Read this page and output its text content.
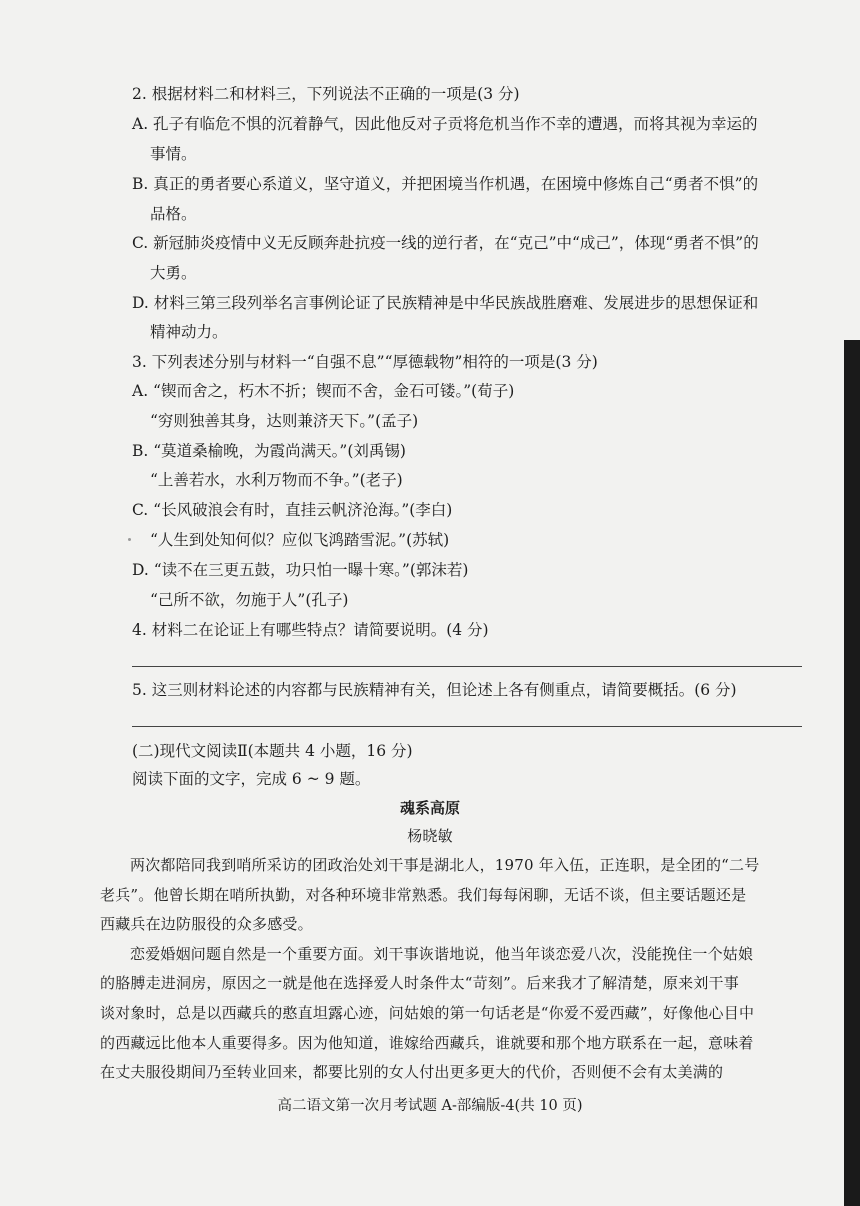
2. 根据材料二和材料三，下列说法不正确的一项是(3 分)
A. 孔子有临危不惧的沉着静气，因此他反对子贡将危机当作不幸的遭遇，而将其视为幸运的
事情。
B. 真正的勇者要心系道义，坚守道义，并把困境当作机遇，在困境中修炼自己“勇者不惧”的
品格。
C. 新冠肺炎疫情中义无反顾奔赴抗疫一线的逆行者，在“克己”中“成己”，体现“勇者不惧”的
大勇。
D. 材料三第三段列举名言事例论证了民族精神是中华民族战胜磨难、发展进步的思想保证和
精神动力。
3. 下列表述分别与材料一“自强不息”“厚德载物”相符的一项是(3 分)
A. “锲而舍之，朽木不折；锲而不舍，金石可镂。”(荀子)
“穷则独善其身，达则兼济天下。”(孟子)
B. “莫道桑榆晚，为霞尚满天。”(刘禹锡)
“上善若水，水利万物而不争。”(老子)
C. “长风破浪会有时，直挂云帆济沧海。”(李白)
“人生到处知何似？应似飞鸿踏雪泥。”(苏轼)
D. “读不在三更五鼓，功只怕一曝十寒。”(郭沫若)
“己所不欲，勿施于人”(孔子)
4. 材料二在论证上有哪些特点？请简要说明。(4 分)
5. 这三则材料论述的内容都与民族精神有关，但论述上各有侧重点，请简要概括。(6 分)
(二)现代文阅读Ⅱ(本题共 4 小题，16 分)
阅读下面的文字，完成 6 ~ 9 题。
魂系高原
杨晓敏
两次都陪同我到哨所采访的团政治处刘干事是湖北人，1970 年入伍，正连职，是全团的“二号
老兵”。他曾长期在哨所执勤，对各种环境非常熟悉。我们每每闲聊，无话不谈，但主要话题还是
西藏兵在边防服役的众多感受。
恋爱婚姻问题自然是一个重要方面。刘干事诙谐地说，他当年谈恋爱八次，没能挽住一个姑娘
的胳膊走进洞房，原因之一就是他在选择爱人时条件太“苛刻”。后来我才了解清楚，原来刘干事
谈对象时，总是以西藏兵的憨直坦露心迹，问姑娘的第一句话老是“你爱不爱西藏”，好像他心目中
的西藏远比他本人重要得多。因为他知道，谁嫁给西藏兵，谁就要和那个地方联系在一起，意味着
在丈夫服役期间乃至转业回来，都要比别的女人付出更多更大的代价，否则便不会有太美满的
高二语文第一次月考试题 A-部编版-4(共 10 页)
